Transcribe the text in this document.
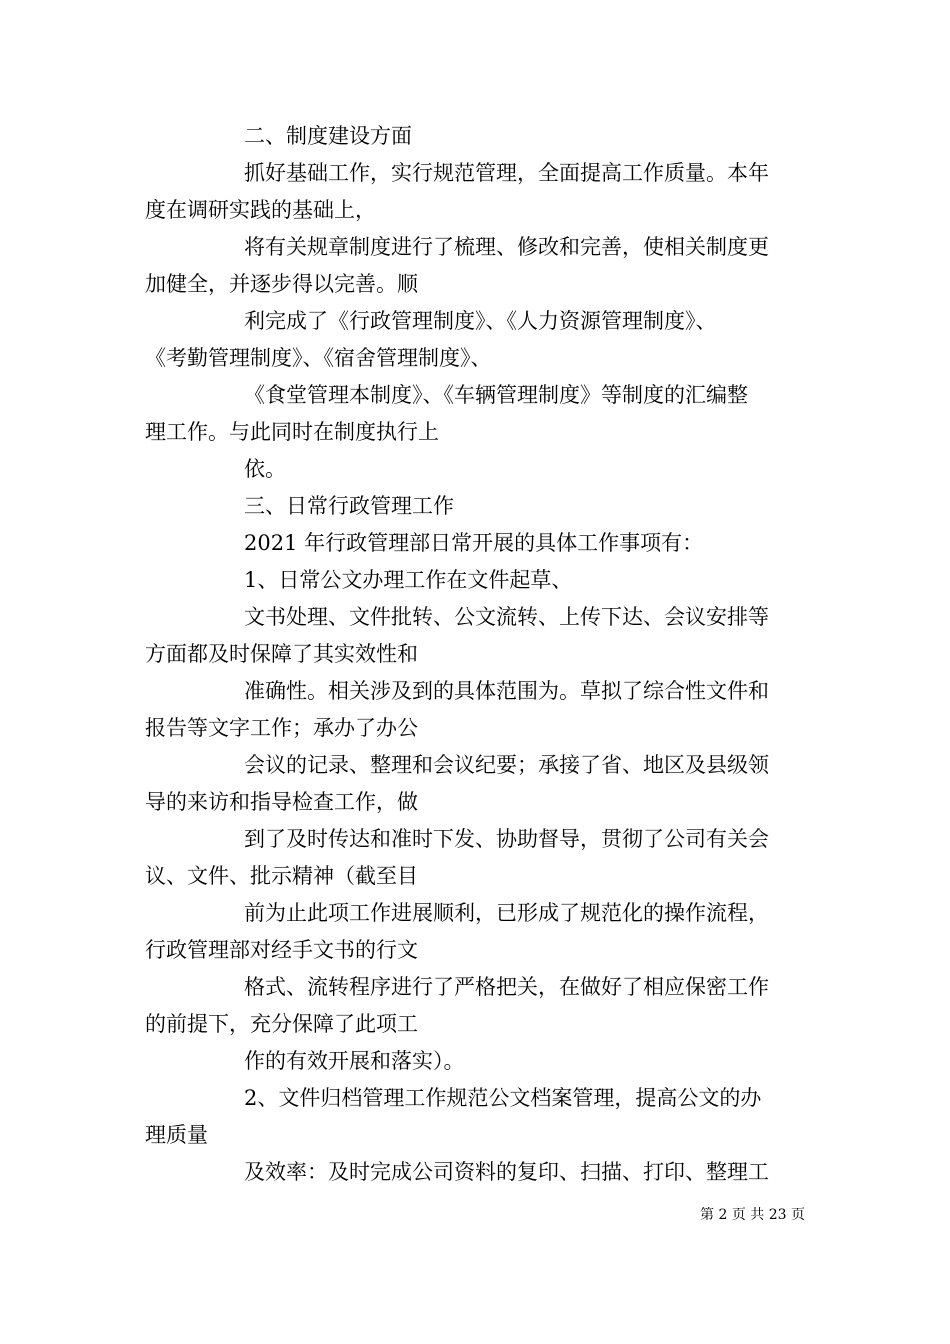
二、制度建设方面

抓好基础工作，实行规范管理，全面提高工作质量。本年
度在调研实践的基础上，

将有关规章制度进行了梳理、修改和完善，使相关制度更
加健全，并逐步得以完善。顺

利完成了《行政管理制度》、《人力资源管理制度》、
《考勤管理制度》、《宿舍管理制度》、

《食堂管理本制度》、《车辆管理制度》等制度的汇编整
理工作。与此同时在制度执行上

依。

三、日常行政管理工作

2021 年行政管理部日常开展的具体工作事项有：

1、日常公文办理工作在文件起草、

文书处理、文件批转、公文流转、上传下达、会议安排等
方面都及时保障了其实效性和

准确性。相关涉及到的具体范围为。草拟了综合性文件和
报告等文字工作；承办了办公

会议的记录、整理和会议纪要；承接了省、地区及县级领
导的来访和指导检查工作，做

到了及时传达和准时下发、协助督导，贯彻了公司有关会
议、文件、批示精神（截至目

前为止此项工作进展顺利，已形成了规范化的操作流程，
行政管理部对经手文书的行文

格式、流转程序进行了严格把关，在做好了相应保密工作
的前提下，充分保障了此项工

作的有效开展和落实）。

2、文件归档管理工作规范公文档案管理，提高公文的办
理质量

及效率：及时完成公司资料的复印、扫描、打印、整理工

第 2 页 共 23 页
